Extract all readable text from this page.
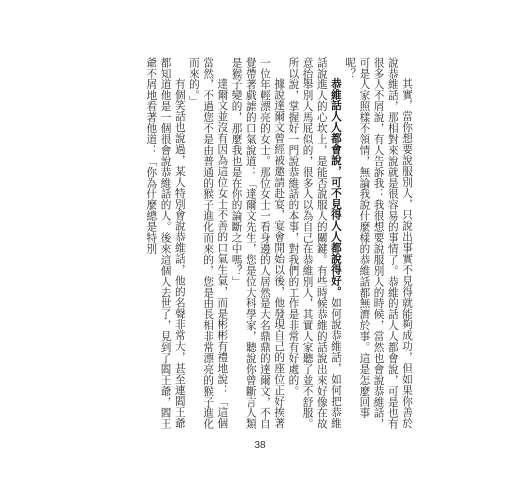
其實，當你想要說服別人，只說出事實不見得就能夠成功，但如果你善於說恭維話，那相對來說就是很容易的事情了。恭維的話人人都會說，可是也有很多人不屑說，有人告訴我：我很想要說服別人的時候，當然也會說恭維話，可是人家照樣不領情，無論我說什麼樣的恭維話都無濟於事。這是怎麼回事呢？

恭維話人人都會說，可不見得人人都說得好。如何說恭維話，如何把恭維話說進人的心坎上，是能否說服人的關鍵。有些時候恭維的話說出來好像在故意抬舉別人馬屁似的，很多人以為自己在恭維別人，其實人家聽了並不舒服。所以說，掌握好一門說恭維話的本事，對我們的工作是非常有好處的。

據說達爾文曾經被邀請赴宴，宴會開始以後，他發現自己的座位正好挨著一位年輕漂亮的女士。那位女士一看身邊的人居然是大名鼎鼎的達爾文，不自覺帶著戲謔的口氣說道：「達爾文先生，您是位大科學家，聽說你曾斷言人類是猴子變的，那麼我也是在你的論斷之中嗎？」

達爾文並沒有因為這位女士不善的口氣生氣，而是彬彬有禮地說：「這個當然，不過您不是由普通的猴子進化而來的，您是由長相非常漂亮的猴子進化而來的。」

有個笑話也說過，某人特別會說恭維話，他的名聲非常大，甚至連閻王爺都知道他是一個很會說恭維話的人。後來這個人去世了，見到了閻王爺，閻王爺不屑地看著他道：「你為什麼總是特別

38
